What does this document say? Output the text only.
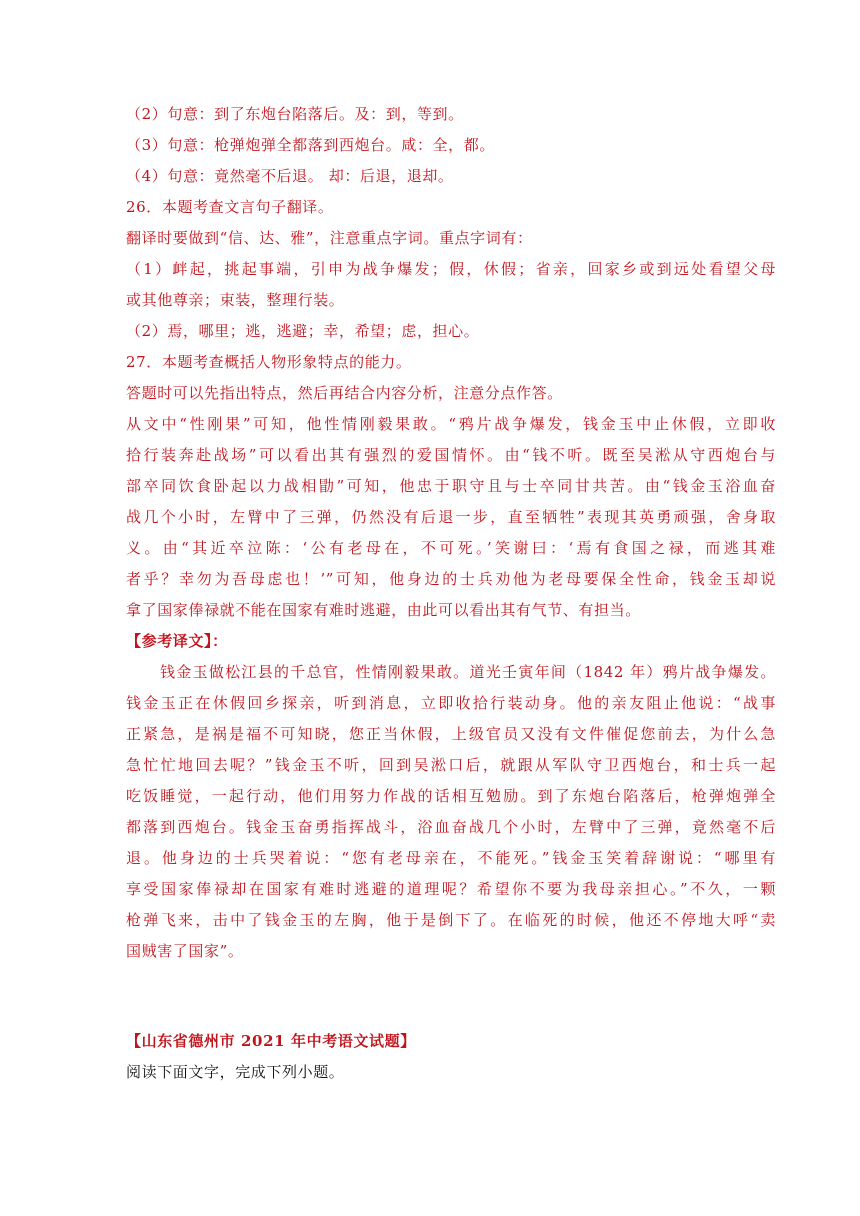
（2）句意：到了东炮台陷落后。及：到，等到。
（3）句意：枪弹炮弹全都落到西炮台。咸：全，都。
（4）句意：竟然毫不后退。 却：后退，退却。
26．本题考查文言句子翻译。
翻译时要做到“信、达、雅”，注意重点字词。重点字词有：
（1）衅起，挑起事端，引申为战争爆发；假，休假；省亲，回家乡或到远处看望父母
或其他尊亲；束装，整理行装。
（2）焉，哪里；逃，逃避；幸，希望；虑，担心。
27．本题考查概括人物形象特点的能力。
答题时可以先指出特点，然后再结合内容分析，注意分点作答。
从文中“性刚果”可知，他性情刚毅果敢。“鸦片战争爆发，钱金玉中止休假，立即收
拾行装奔赴战场”可以看出其有强烈的爱国情怀。由“钱不听。既至吴淞从守西炮台与
部卒同饮食卧起以力战相勖”可知，他忠于职守且与士卒同甘共苦。由“钱金玉浴血奋
战几个小时，左臂中了三弹，仍然没有后退一步，直至牺牲”表现其英勇顽强，舍身取
义。由“其近卒泣陈：‘公有老母在，不可死。’笑谢曰：‘焉有食国之禄，而逃其难
者乎？幸勿为吾母虑也！’”可知，他身边的士兵劝他为老母要保全性命，钱金玉却说
拿了国家俸禄就不能在国家有难时逃避，由此可以看出其有气节、有担当。
【参考译文】：
钱金玉做松江县的千总官，性情刚毅果敢。道光壬寅年间（1842 年）鸦片战争爆发。
钱金玉正在休假回乡探亲，听到消息，立即收拾行装动身。他的亲友阻止他说：“战事
正紧急，是祸是福不可知晓，您正当休假，上级官员又没有文件催促您前去，为什么急
急忙忙地回去呢？”钱金玉不听，回到吴淞口后，就跟从军队守卫西炮台，和士兵一起
吃饭睡觉，一起行动，他们用努力作战的话相互勉励。到了东炮台陷落后，枪弹炮弹全
都落到西炮台。钱金玉奋勇指挥战斗，浴血奋战几个小时，左臂中了三弹，竟然毫不后
退。他身边的士兵哭着说：“您有老母亲在，不能死。”钱金玉笑着辞谢说：“哪里有
享受国家俸禄却在国家有难时逃避的道理呢？希望你不要为我母亲担心。”不久，一颗
枪弹飞来，击中了钱金玉的左胸，他于是倒下了。在临死的时候，他还不停地大呼“卖
国贼害了国家”。
【山东省德州市 2021 年中考语文试题】
阅读下面文字，完成下列小题。
